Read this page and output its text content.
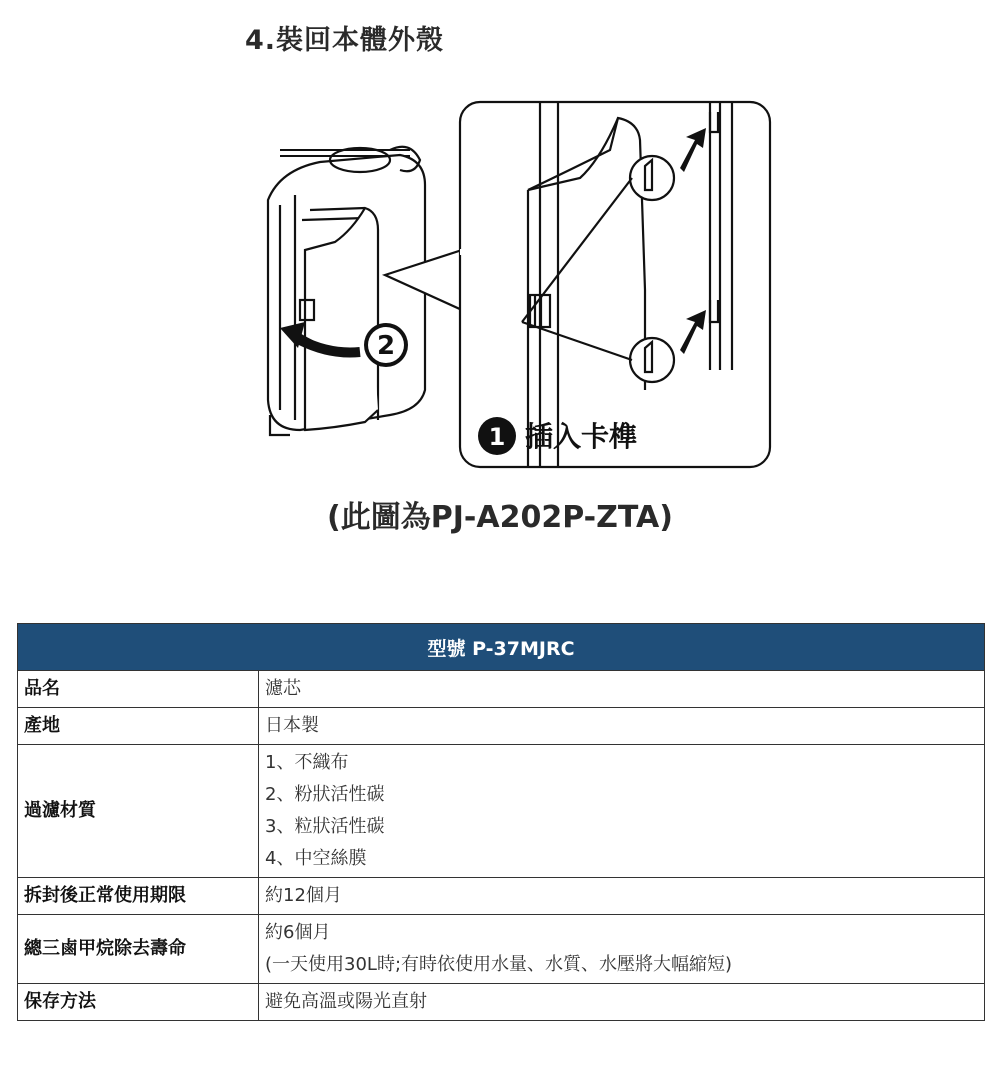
4.裝回本體外殼
2
1 插入卡榫
(此圖為PJ-A202P-ZTA)
型號 P-37MJRC	
品名	濾芯

產地	日本製

過濾材質	1、不織布
2、粉狀活性碳
3、粒狀活性碳
4、中空絲膜

拆封後正常使用期限	約12個月

總三鹵甲烷除去壽命	約6個月
(一天使用30L時;有時依使用水量、水質、水壓將大幅縮短)

保存方法	避免高溫或陽光直射
